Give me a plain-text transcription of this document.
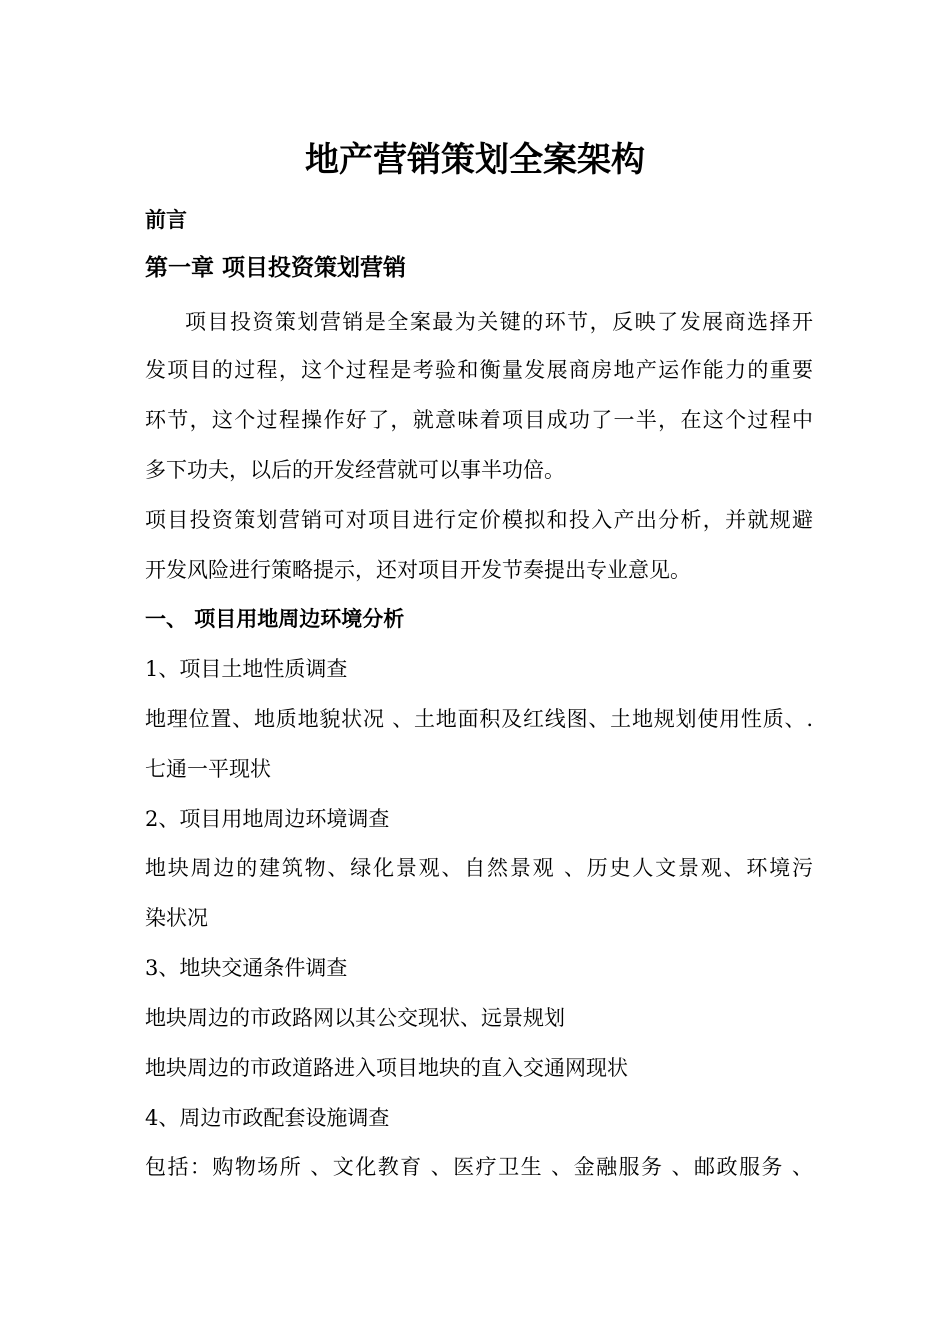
地产营销策划全案架构

前言

第一章 项目投资策划营销

项目投资策划营销是全案最为关键的环节，反映了发展商选择开

发项目的过程，这个过程是考验和衡量发展商房地产运作能力的重要

环节，这个过程操作好了，就意味着项目成功了一半，在这个过程中

多下功夫，以后的开发经营就可以事半功倍。

项目投资策划营销可对项目进行定价模拟和投入产出分析，并就规避

开发风险进行策略提示，还对项目开发节奏提出专业意见。

一、 项目用地周边环境分析

1、项目土地性质调查

地理位置、地质地貌状况 、土地面积及红线图、土地规划使用性质、.

七通一平现状

2、项目用地周边环境调查

地块周边的建筑物、绿化景观、自然景观 、历史人文景观、环境污

染状况

3、地块交通条件调查

地块周边的市政路网以其公交现状、远景规划

地块周边的市政道路进入项目地块的直入交通网现状

4、周边市政配套设施调查

包括：购物场所 、文化教育 、医疗卫生 、金融服务 、邮政服务 、
